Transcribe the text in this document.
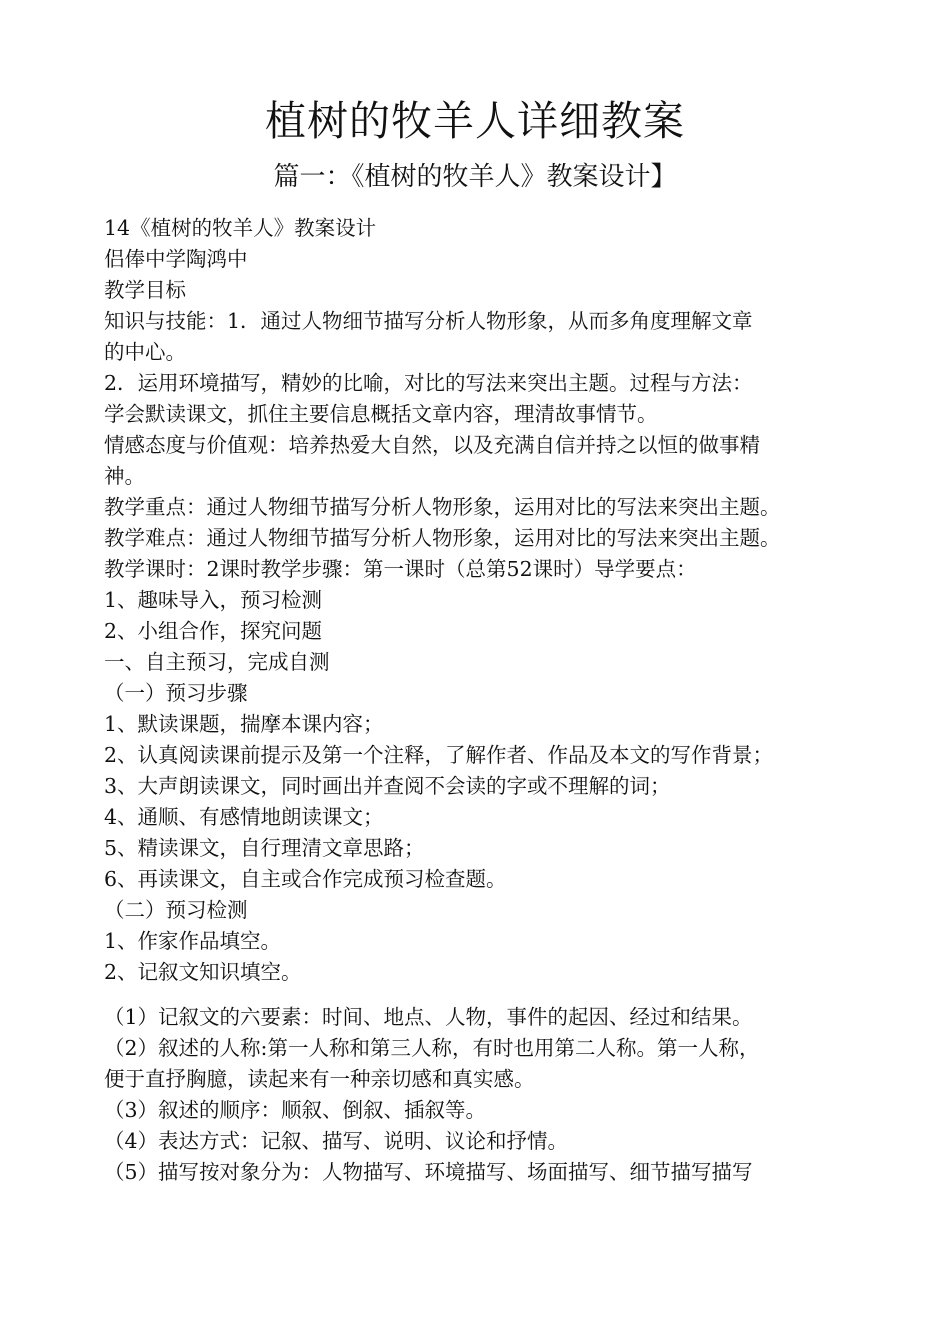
植树的牧羊人详细教案
篇一：《植树的牧羊人》教案设计】
14《植树的牧羊人》教案设计
侣俸中学陶鸿中
教学目标
知识与技能：1．通过人物细节描写分析人物形象，从而多角度理解文章
的中心。
2．运用环境描写，精妙的比喻，对比的写法来突出主题。过程与方法：
学会默读课文，抓住主要信息概括文章内容，理清故事情节。
情感态度与价值观：培养热爱大自然，以及充满自信并持之以恒的做事精
神。
教学重点：通过人物细节描写分析人物形象，运用对比的写法来突出主题。
教学难点：通过人物细节描写分析人物形象，运用对比的写法来突出主题。
教学课时：2课时教学步骤：第一课时（总第52课时）导学要点：
1、趣味导入，预习检测
2、小组合作，探究问题
一、自主预习，完成自测
（一）预习步骤
1、默读课题，揣摩本课内容；
2、认真阅读课前提示及第一个注释，了解作者、作品及本文的写作背景；
3、大声朗读课文，同时画出并查阅不会读的字或不理解的词；
4、通顺、有感情地朗读课文；
5、精读课文，自行理清文章思路；
6、再读课文，自主或合作完成预习检查题。
（二）预习检测
1、作家作品填空。
2、记叙文知识填空。
（1）记叙文的六要素：时间、地点、人物，事件的起因、经过和结果。
（2）叙述的人称:第一人称和第三人称，有时也用第二人称。第一人称，
便于直抒胸臆，读起来有一种亲切感和真实感。
（3）叙述的顺序：顺叙、倒叙、插叙等。
（4）表达方式：记叙、描写、说明、议论和抒情。
（5）描写按对象分为：人物描写、环境描写、场面描写、细节描写描写
